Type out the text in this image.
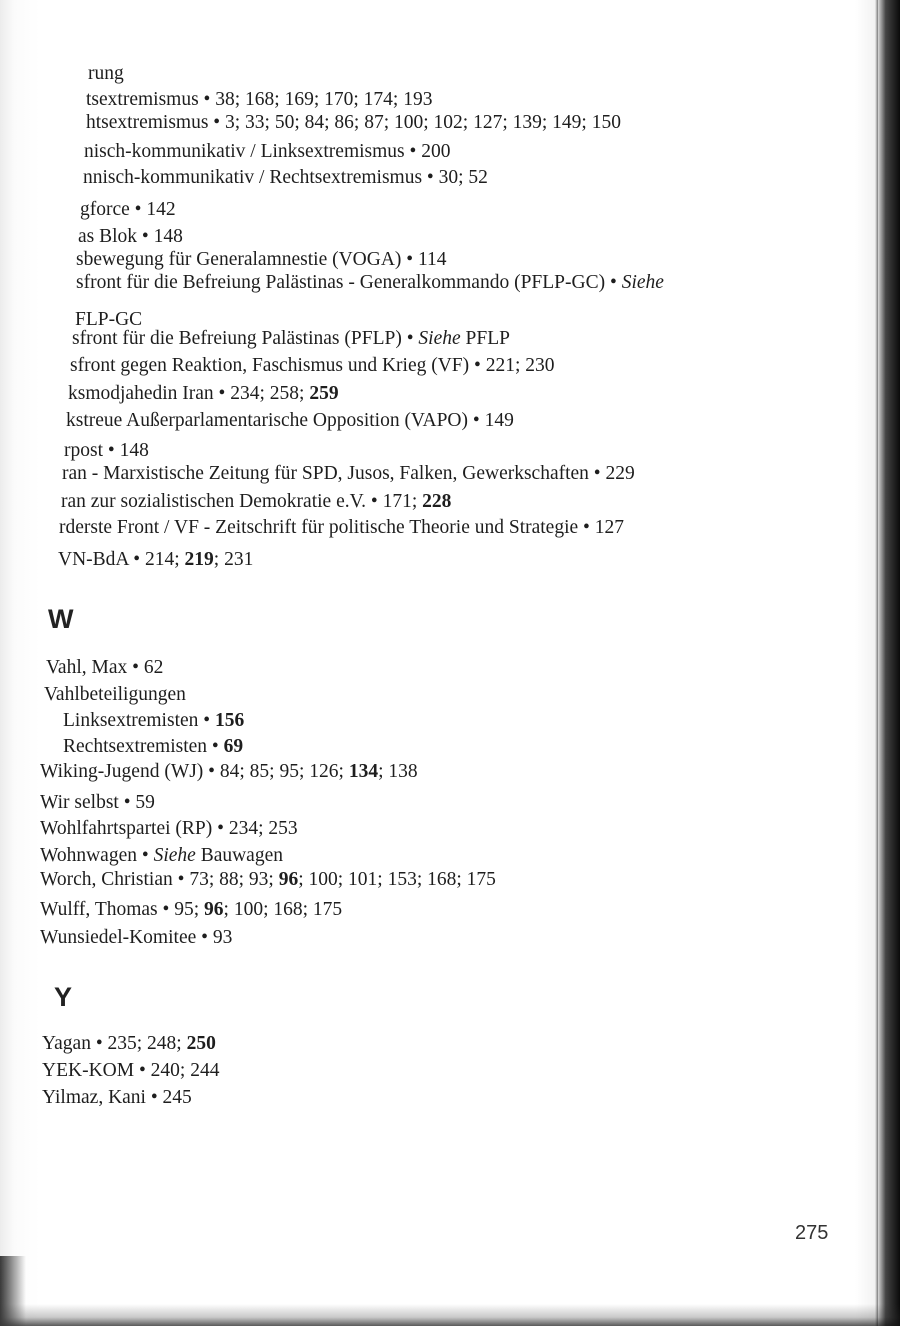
rung
tsextremismus • 38; 168; 169; 170; 174; 193
htsextremismus • 3; 33; 50; 84; 86; 87; 100; 102; 127; 139; 149; 150
nisch-kommunikativ / Linksextremismus • 200
nnisch-kommunikativ / Rechtsextremismus • 30; 52
gforce • 142
as Blok • 148
sbewegung für Generalamnestie (VOGA) • 114
sfront für die Befreiung Palästinas - Generalkommando (PFLP-GC) • Siehe
FLP-GC
sfront für die Befreiung Palästinas (PFLP) • Siehe PFLP
sfront gegen Reaktion, Faschismus und Krieg (VF) • 221; 230
ksmodjahedin Iran • 234; 258; 259
kstreue Außerparlamentarische Opposition (VAPO) • 149
rpost • 148
ran - Marxistische Zeitung für SPD, Jusos, Falken, Gewerkschaften • 229
ran zur sozialistischen Demokratie e.V. • 171; 228
rderste Front / VF - Zeitschrift für politische Theorie und Strategie • 127
VN-BdA • 214; 219; 231
W
Vahl, Max • 62
Vahlbeteiligungen
Linksextremisten • 156
Rechtsextremisten • 69
Wiking-Jugend (WJ) • 84; 85; 95; 126; 134; 138
Wir selbst • 59
Wohlfahrtspartei (RP) • 234; 253
Wohnwagen • Siehe Bauwagen
Worch, Christian • 73; 88; 93; 96; 100; 101; 153; 168; 175
Wulff, Thomas • 95; 96; 100; 168; 175
Wunsiedel-Komitee • 93
Y
Yagan • 235; 248; 250
YEK-KOM • 240; 244
Yilmaz, Kani • 245
275
